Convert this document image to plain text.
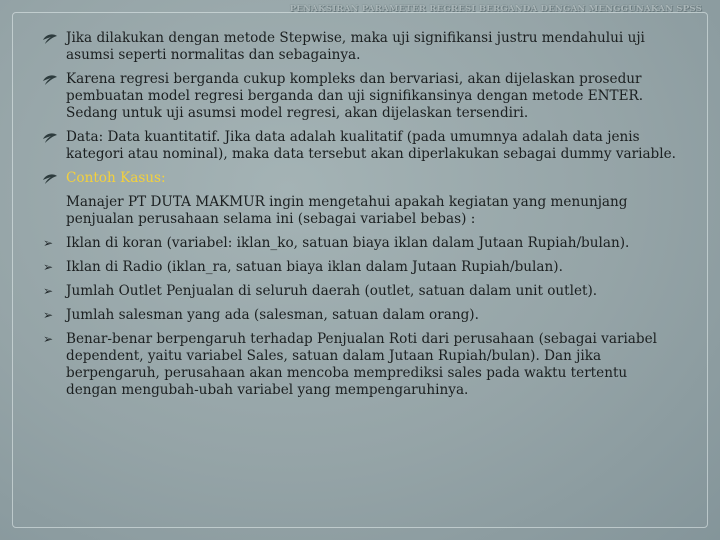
PENAKSIRAN PARAMETER REGRESI BERGANDA DENGAN MENGGUNAKAN SPSS
Jika dilakukan dengan metode Stepwise, maka uji signifikansi justru mendahului uji asumsi seperti normalitas dan sebagainya.
Karena regresi berganda cukup kompleks dan bervariasi, akan dijelaskan prosedur pembuatan model regresi berganda dan uji signifikansinya dengan metode ENTER. Sedang untuk uji asumsi model regresi, akan dijelaskan tersendiri.
Data: Data kuantitatif. Jika data adalah kualitatif (pada umumnya adalah data jenis kategori atau nominal), maka data tersebut akan diperlakukan sebagai dummy variable.
Contoh Kasus:
Manajer PT DUTA MAKMUR ingin mengetahui apakah kegiatan yang menunjang penjualan perusahaan selama ini (sebagai variabel bebas) :
➢ Iklan di koran (variabel: iklan_ko, satuan biaya iklan dalam Jutaan Rupiah/bulan).
➢ Iklan di Radio (iklan_ra, satuan biaya iklan dalam Jutaan Rupiah/bulan).
➢ Jumlah Outlet Penjualan di seluruh daerah (outlet, satuan dalam unit outlet).
➢ Jumlah salesman yang ada (salesman, satuan dalam orang).
➢ Benar-benar berpengaruh terhadap Penjualan Roti dari perusahaan (sebagai variabel dependent, yaitu variabel Sales, satuan dalam Jutaan Rupiah/bulan). Dan jika berpengaruh, perusahaan akan mencoba memprediksi sales pada waktu tertentu dengan mengubah-ubah variabel yang mempengaruhinya.
